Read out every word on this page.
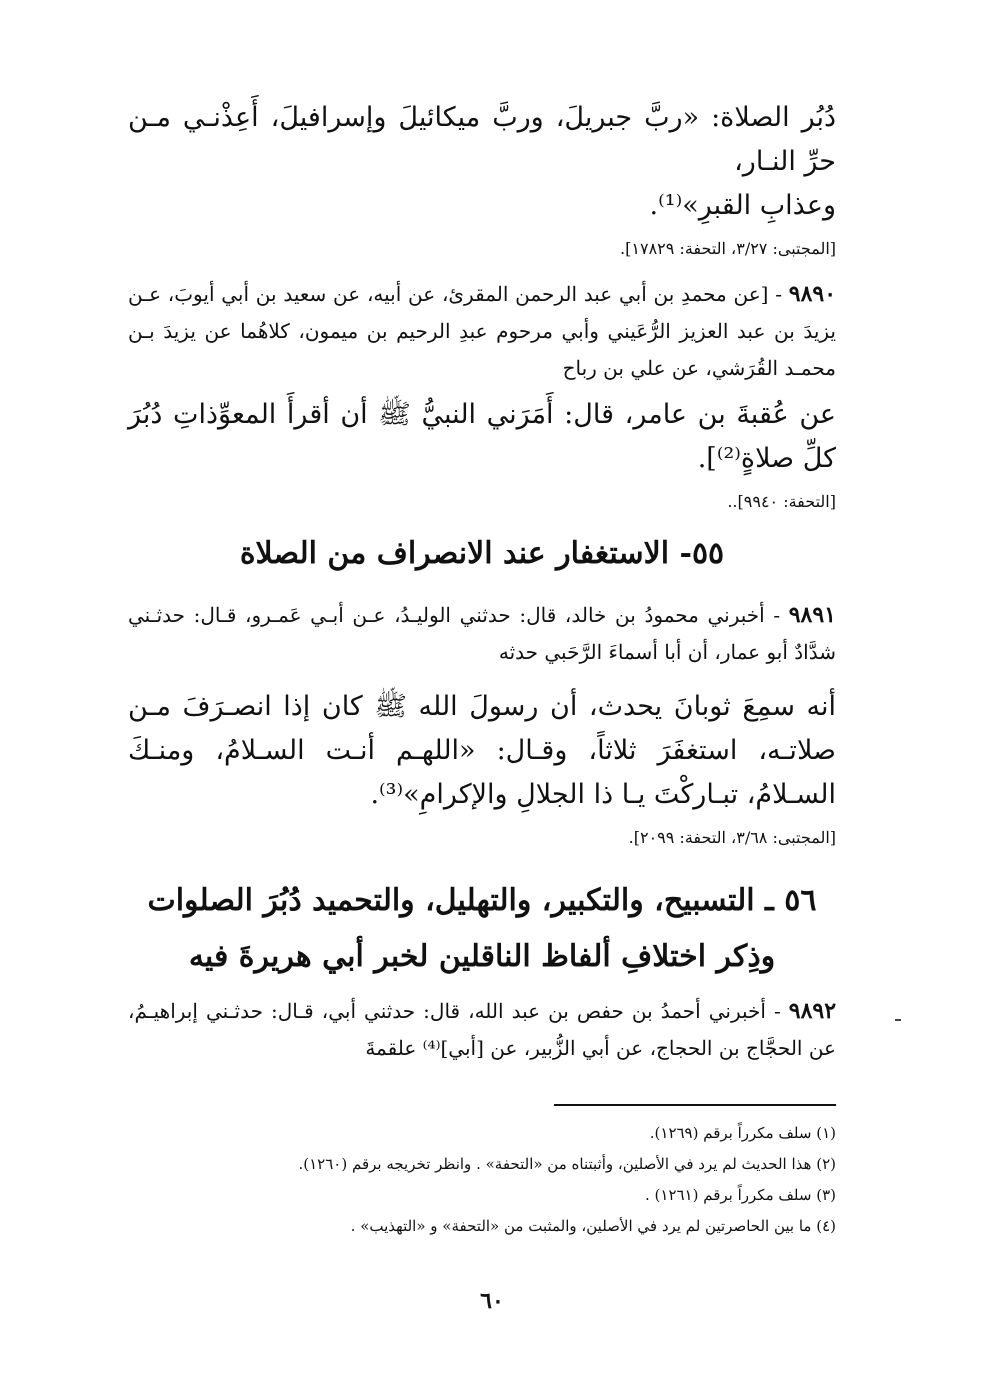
دُبُر الصلاة: «ربَّ جبريلَ، وربَّ ميكائيلَ وإسرافيلَ، أَعِذْنـي مـن حرِّ النـار،
وعذابِ القبرِ»⁽¹⁾.

[المجتبى: ٣/٢٧، التحفة: ١٧٨٢٩].

٩٨٩٠ - [عن محمدِ بن أبي عبد الرحمن المقرئ، عن أبيه، عن سعيد بن أبي أيوبَ، عـن يزيدَ بن عبد العزيز الرُّعَيني وأبي مرحوم عبدِ الرحيم بن ميمون، كلاهُما عن يزيدَ بـن محمـد القُرَشي، عن علي بن رباح

عن عُقبةَ بن عامر، قال: أَمَرَني النبيُّ ﷺ أن أقرأَ المعوِّذاتِ دُبُرَ كلِّ صلاةٍ⁽²⁾].

[التحفة: ٩٩٤٠]..

٥٥- الاستغفار عند الانصراف من الصلاة

٩٨٩١ - أخبرني محمودُ بن خالد، قال: حدثني الوليـدُ، عـن أبـي عَمـرو، قـال: حدثـني شدَّادٌ أبو عمار، أن أبا أسماءَ الرَّحَبي حدثه

أنه سمِعَ ثوبانَ يحدث، أن رسولَ الله ﷺ كان إذا انصـرَفَ مـن صلاتـه، استغفَرَ ثلاثاً، وقـال: «اللهـم أنـت السـلامُ، ومنـكَ السـلامُ، تبـاركْتَ يـا ذا الجلالِ والإكرامِ»⁽³⁾.

[المجتبى: ٣/٦٨، التحفة: ٢٠٩٩].

٥٦ ـ التسبيح، والتكبير، والتهليل، والتحميد دُبُرَ الصلوات
وذِكر اختلافِ ألفاظ الناقلين لخبر أبي هريرةَ فيه

٩٨٩٢ - أخبرني أحمدُ بن حفص بن عبد الله، قال: حدثني أبي، قـال: حدثـني إبراهيـمُ، عن الحجَّاج بن الحجاج، عن أبي الزُّبير، عن [أبي]⁽⁴⁾ علقمةَ

(١) سلف مكرراً برقم (١٢٦٩).

(٢) هذا الحديث لم يرد في الأصلين، وأثبتناه من «التحفة» . وانظر تخريجه برقم (١٢٦٠).

(٣) سلف مكرراً برقم (١٢٦١) .

(٤) ما بين الحاصرتين لم يرد في الأصلين، والمثبت من «التحفة» و «التهذيب» .

٦٠
